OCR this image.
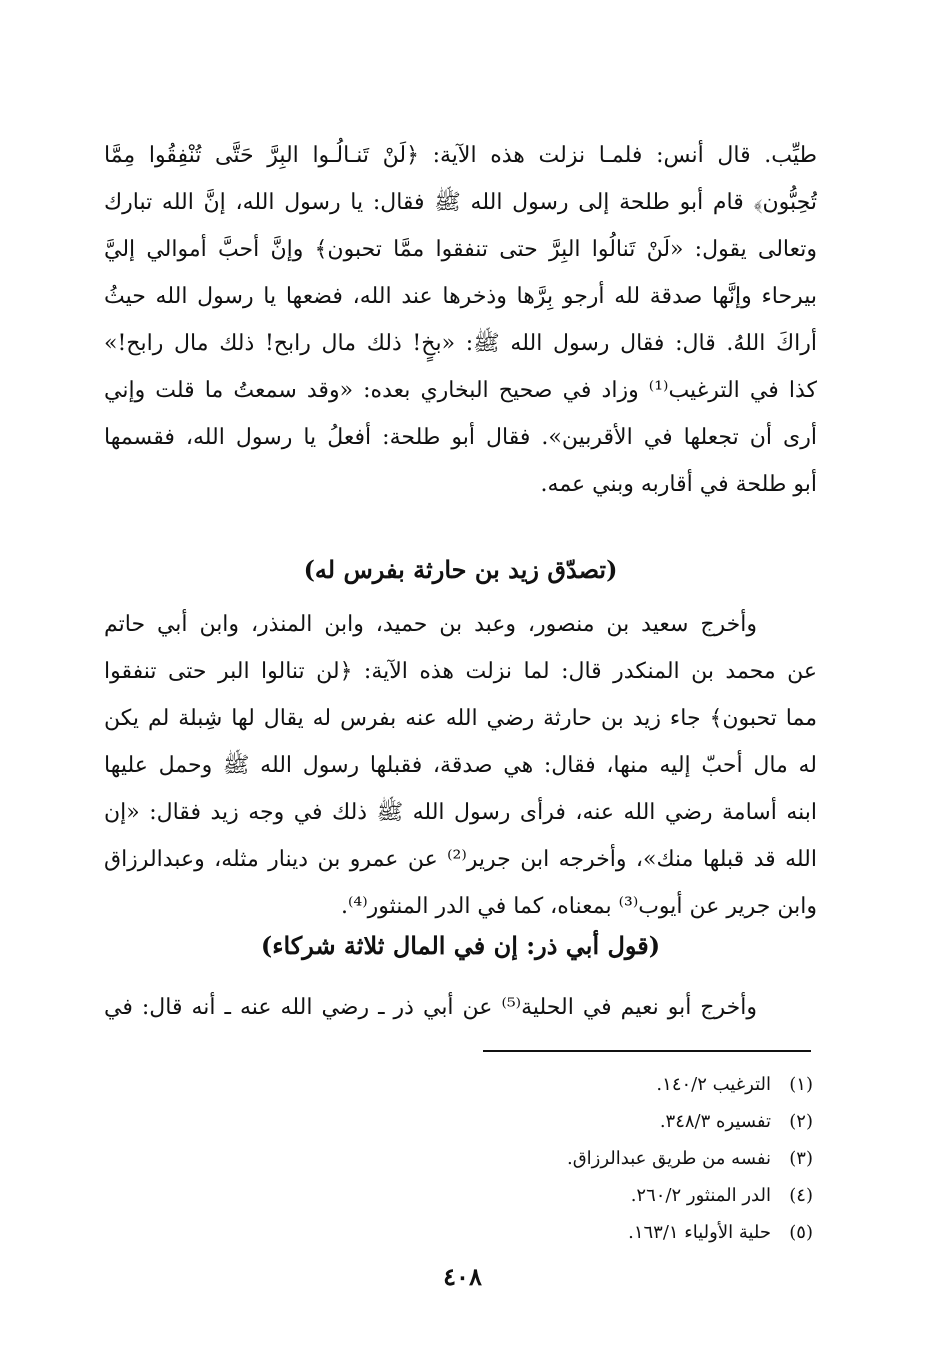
طيِّب. قال أنس: فلمـا نزلت هذه الآية: ﴿لَنْ تَنـالُـوا البِرَّ حَتَّى تُنْفِقُوا مِمَّا
تُحِبُّون﴾ قام أبو طلحة إلى رسول الله ﷺ فقال: يا رسول الله، إنَّ الله تبارك
وتعالى يقول: «لَنْ تَنالُوا البِرَّ حتى تنفقوا ممَّا تحبون﴾ وإنَّ أحبَّ أموالي إليَّ
بيرحاء وإنَّها صدقة لله أرجو بِرَّها وذخرها عند الله، فضعها يا رسول الله حيثُ
أراكَ اللهُ. قال: فقال رسول الله ﷺ: «بخٍ! ذلك مال رابح! ذلك مال رابح!»
كذا في الترغيب⁽¹⁾ وزاد في صحيح البخاري بعده: «وقد سمعتُ ما قلت وإني
أرى أن تجعلها في الأقربين». فقال أبو طلحة: أفعلُ يا رسول الله، فقسمها
أبو طلحة في أقاربه وبني عمه.
(تصدّق زيد بن حارثة بفرس له)
وأخرج سعيد بن منصور، وعبد بن حميد، وابن المنذر، وابن أبي حاتم
عن محمد بن المنكدر قال: لما نزلت هذه الآية: ﴿لن تنالوا البر حتى تنفقوا
مما تحبون﴾ جاء زيد بن حارثة رضي الله عنه بفرس له يقال لها شِبلة لم يكن
له مال أحبّ إليه منها، فقال: هي صدقة، فقبلها رسول الله ﷺ وحمل عليها
ابنه أسامة رضي الله عنه، فرأى رسول الله ﷺ ذلك في وجه زيد فقال: «إن
الله قد قبلها منك»، وأخرجه ابن جرير⁽²⁾ عن عمرو بن دينار مثله، وعبدالرزاق
وابن جرير عن أيوب⁽³⁾ بمعناه، كما في الدر المنثور⁽⁴⁾.
(قول أبي ذر: إن في المال ثلاثة شركاء)
وأخرج أبو نعيم في الحلية⁽⁵⁾ عن أبي ذر ـ رضي الله عنه ـ أنه قال: في
(١)
الترغيب ١٤٠/٢.
(٢)
تفسيره ٣٤٨/٣.
(٣)
نفسه من طريق عبدالرزاق.
(٤)
الدر المنثور ٢٦٠/٢.
(٥)
حلية الأولياء ١٦٣/١.
٤٠٨
